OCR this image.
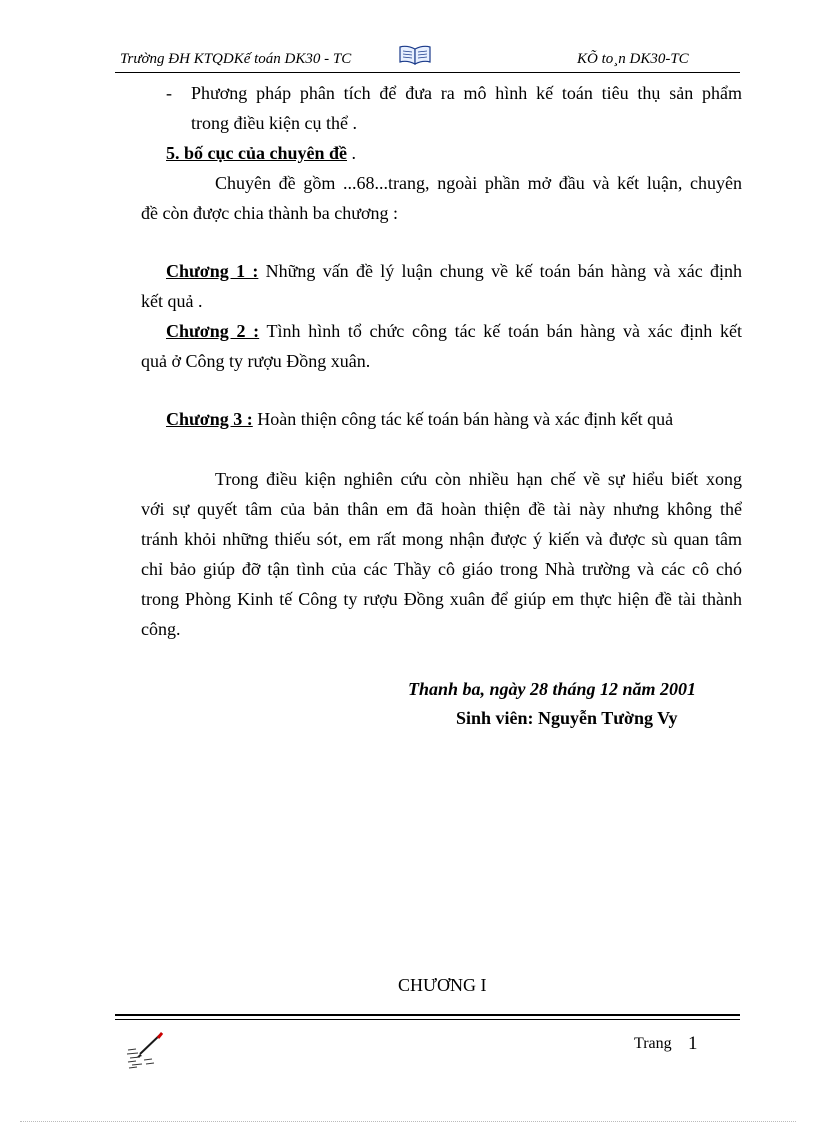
Trường ĐH KTQDKế toán DK30 - TC	KÕ to¸n DK30-TC
- Phương pháp phân tích để đưa ra mô hình kế toán tiêu thụ sản phẩm
trong điều kiện cụ thể .
5. bố cục của chuyên đề .
Chuyên đề gồm ...68...trang, ngoài phần mở đầu và kết luận, chuyên
đề còn được chia thành ba chương :
Chương 1 : Những vấn đề lý luận chung về kế toán bán hàng và xác định
kết quả .
Chương 2 : Tình hình tổ chức công tác kế toán bán hàng và xác định kết
quả ở Công ty rượu Đồng xuân.
Chương 3 : Hoàn thiện công tác kế toán bán hàng và xác định kết quả
Trong điều kiện nghiên cứu còn nhiều hạn chế về sự hiểu biết xong
với sự quyết tâm của bản thân em đã hoàn thiện đề tài này nhưng không thể
tránh khỏi những thiếu sót, em rất mong nhận được ý kiến và được sù quan tâm
chỉ bảo giúp đỡ tận tình của các Thầy cô giáo trong Nhà trường và các cô chó
trong Phòng Kinh tế Công ty rượu Đồng xuân để giúp em thực hiện đề tài thành
công.
Thanh ba, ngày 28 tháng 12 năm 2001
Sinh viên: Nguyễn Tường Vy
CHƯƠNG I
Trang 1
